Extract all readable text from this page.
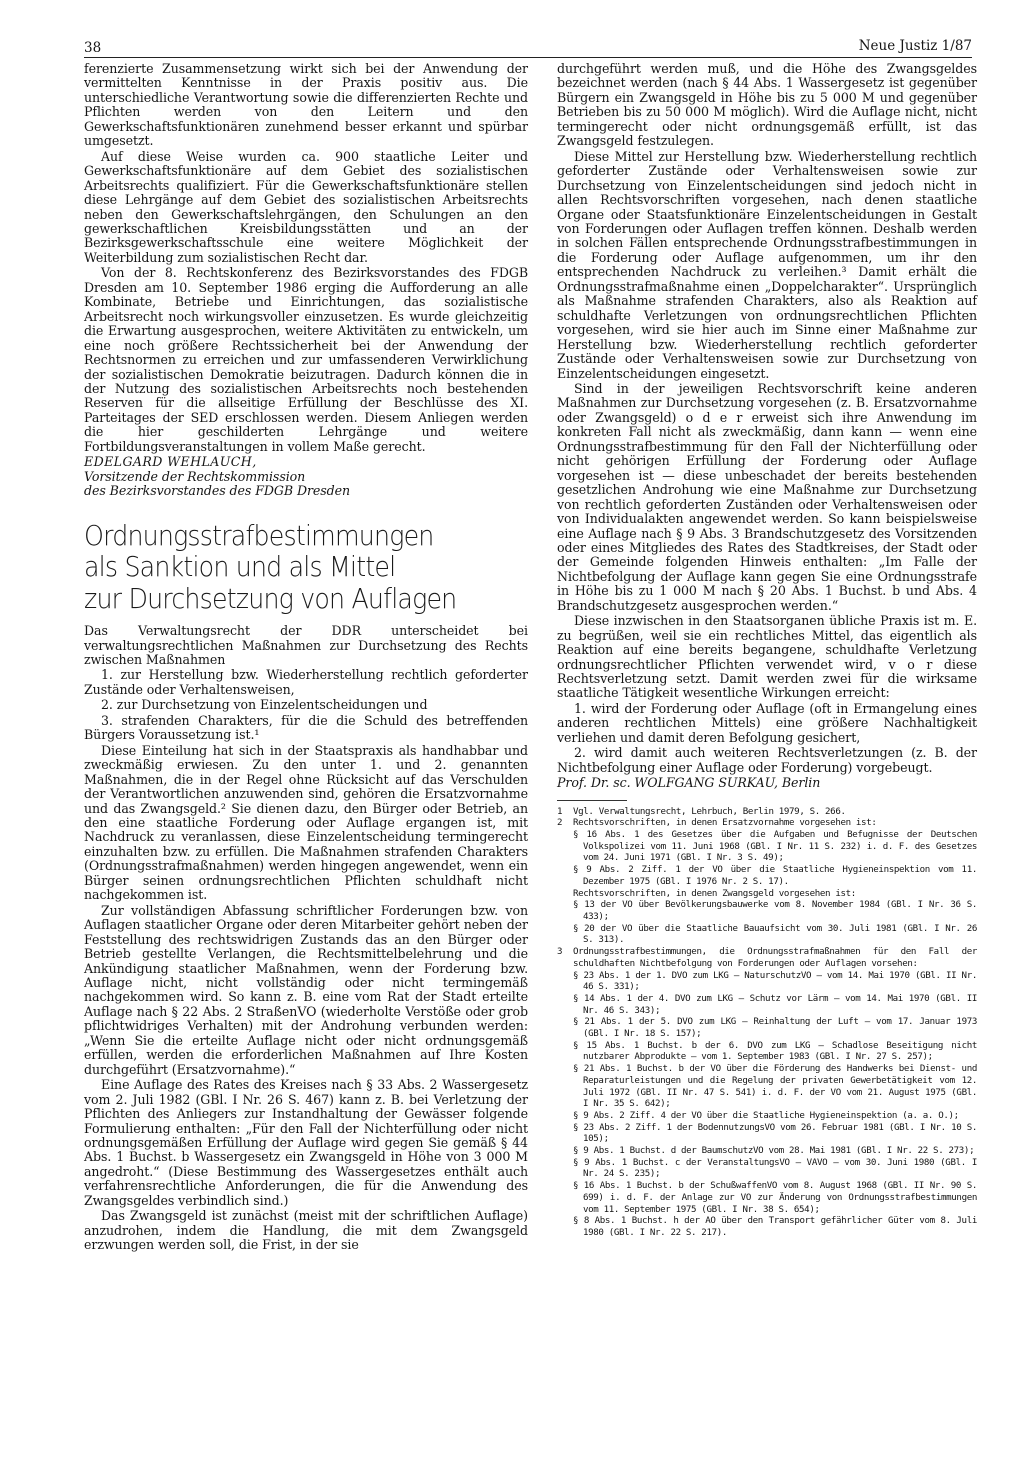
38	Neue Justiz 1/87

ferenzierte Zusammensetzung wirkt sich bei der Anwendung der vermittelten Kenntnisse in der Praxis positiv aus. Die unterschiedliche Verantwortung sowie die differenzierten Rechte und Pflichten werden von den Leitern und den Gewerkschaftsfunktionären zunehmend besser erkannt und spürbar umgesetzt.

Auf diese Weise wurden ca. 900 staatliche Leiter und Gewerkschaftsfunktionäre auf dem Gebiet des sozialistischen Arbeitsrechts qualifiziert. Für die Gewerkschaftsfunktionäre stellen diese Lehrgänge auf dem Gebiet des sozialistischen Arbeitsrechts neben den Gewerkschaftslehrgängen, den Schulungen an den gewerkschaftlichen Kreisbildungsstätten und an der Bezirksgewerkschaftsschule eine weitere Möglichkeit der Weiterbildung zum sozialistischen Recht dar.

Von der 8. Rechtskonferenz des Bezirksvorstandes des FDGB Dresden am 10. September 1986 erging die Aufforderung an alle Kombinate, Betriebe und Einrichtungen, das sozialistische Arbeitsrecht noch wirkungsvoller einzusetzen. Es wurde gleichzeitig die Erwartung ausgesprochen, weitere Aktivitäten zu entwickeln, um eine noch größere Rechtssicherheit bei der Anwendung der Rechtsnormen zu erreichen und zur umfassenderen Verwirklichung der sozialistischen Demokratie beizutragen. Dadurch können die in der Nutzung des sozialistischen Arbeitsrechts noch bestehenden Reserven für die allseitige Erfüllung der Beschlüsse des XI. Parteitages der SED erschlossen werden. Diesem Anliegen werden die hier geschilderten Lehrgänge und weitere Fortbildungsveranstaltungen in vollem Maße gerecht.

EDELGARD WEHLAUCH,
Vorsitzende der Rechtskommission
des Bezirksvorstandes des FDGB Dresden

Ordnungsstrafbestimmungen
als Sanktion und als Mittel
zur Durchsetzung von Auflagen

Das Verwaltungsrecht der DDR unterscheidet bei verwaltungsrechtlichen Maßnahmen zur Durchsetzung des Rechts zwischen Maßnahmen

1. zur Herstellung bzw. Wiederherstellung rechtlich geforderter Zustände oder Verhaltensweisen,

2. zur Durchsetzung von Einzelentscheidungen und

3. strafenden Charakters, für die die Schuld des betreffenden Bürgers Voraussetzung ist.¹

Diese Einteilung hat sich in der Staatspraxis als handhabbar und zweckmäßig erwiesen. Zu den unter 1. und 2. genannten Maßnahmen, die in der Regel ohne Rücksicht auf das Verschulden der Verantwortlichen anzuwenden sind, gehören die Ersatzvornahme und das Zwangsgeld.² Sie dienen dazu, den Bürger oder Betrieb, an den eine staatliche Forderung oder Auflage ergangen ist, mit Nachdruck zu veranlassen, diese Einzelentscheidung termingerecht einzuhalten bzw. zu erfüllen. Die Maßnahmen strafenden Charakters (Ordnungsstrafmaßnahmen) werden hingegen angewendet, wenn ein Bürger seinen ordnungsrechtlichen Pflichten schuldhaft nicht nachgekommen ist.

Zur vollständigen Abfassung schriftlicher Forderungen bzw. von Auflagen staatlicher Organe oder deren Mitarbeiter gehört neben der Feststellung des rechtswidrigen Zustands das an den Bürger oder Betrieb gestellte Verlangen, die Rechtsmittelbelehrung und die Ankündigung staatlicher Maßnahmen, wenn der Forderung bzw. Auflage nicht, nicht vollständig oder nicht termingemäß nachgekommen wird. So kann z. B. eine vom Rat der Stadt erteilte Auflage nach § 22 Abs. 2 StraßenVO (wiederholte Verstöße oder grob pflichtwidriges Verhalten) mit der Androhung verbunden werden: „Wenn Sie die erteilte Auflage nicht oder nicht ordnungsgemäß erfüllen, werden die erforderlichen Maßnahmen auf Ihre Kosten durchgeführt (Ersatzvornahme).“

Eine Auflage des Rates des Kreises nach § 33 Abs. 2 Wassergesetz vom 2. Juli 1982 (GBl. I Nr. 26 S. 467) kann z. B. bei Verletzung der Pflichten des Anliegers zur Instandhaltung der Gewässer folgende Formulierung enthalten: „Für den Fall der Nichterfüllung oder nicht ordnungsgemäßen Erfüllung der Auflage wird gegen Sie gemäß § 44 Abs. 1 Buchst. b Wassergesetz ein Zwangsgeld in Höhe von 3 000 M angedroht.“ (Diese Bestimmung des Wassergesetzes enthält auch verfahrensrechtliche Anforderungen, die für die Anwendung des Zwangsgeldes verbindlich sind.)

Das Zwangsgeld ist zunächst (meist mit der schriftlichen Auflage) anzudrohen, indem die Handlung, die mit dem Zwangsgeld erzwungen werden soll, die Frist, in der sie

durchgeführt werden muß, und die Höhe des Zwangsgeldes bezeichnet werden (nach § 44 Abs. 1 Wassergesetz ist gegenüber Bürgern ein Zwangsgeld in Höhe bis zu 5 000 M und gegenüber Betrieben bis zu 50 000 M möglich). Wird die Auflage nicht, nicht termingerecht oder nicht ordnungsgemäß erfüllt, ist das Zwangsgeld festzulegen.

Diese Mittel zur Herstellung bzw. Wiederherstellung rechtlich geforderter Zustände oder Verhaltensweisen sowie zur Durchsetzung von Einzelentscheidungen sind jedoch nicht in allen Rechtsvorschriften vorgesehen, nach denen staatliche Organe oder Staatsfunktionäre Einzelentscheidungen in Gestalt von Forderungen oder Auflagen treffen können. Deshalb werden in solchen Fällen entsprechende Ordnungsstrafbestimmungen in die Forderung oder Auflage aufgenommen, um ihr den entsprechenden Nachdruck zu verleihen.³ Damit erhält die Ordnungsstrafmaßnahme einen „Doppelcharakter“. Ursprünglich als Maßnahme strafenden Charakters, also als Reaktion auf schuldhafte Verletzungen von ordnungsrechtlichen Pflichten vorgesehen, wird sie hier auch im Sinne einer Maßnahme zur Herstellung bzw. Wiederherstellung rechtlich geforderter Zustände oder Verhaltensweisen sowie zur Durchsetzung von Einzelentscheidungen eingesetzt.

Sind in der jeweiligen Rechtsvorschrift keine anderen Maßnahmen zur Durchsetzung vorgesehen (z. B. Ersatzvornahme oder Zwangsgeld) o d e r erweist sich ihre Anwendung im konkreten Fall nicht als zweckmäßig, dann kann — wenn eine Ordnungsstrafbestimmung für den Fall der Nichterfüllung oder nicht gehörigen Erfüllung der Forderung oder Auflage vorgesehen ist — diese unbeschadet der bereits bestehenden gesetzlichen Androhung wie eine Maßnahme zur Durchsetzung von rechtlich geforderten Zuständen oder Verhaltensweisen oder von Individualakten angewendet werden. So kann beispielsweise eine Auflage nach § 9 Abs. 3 Brandschutzgesetz des Vorsitzenden oder eines Mitgliedes des Rates des Stadtkreises, der Stadt oder der Gemeinde folgenden Hinweis enthalten: „Im Falle der Nichtbefolgung der Auflage kann gegen Sie eine Ordnungsstrafe in Höhe bis zu 1 000 M nach § 20 Abs. 1 Buchst. b und Abs. 4 Brandschutzgesetz ausgesprochen werden.“

Diese inzwischen in den Staatsorganen übliche Praxis ist m. E. zu begrüßen, weil sie ein rechtliches Mittel, das eigentlich als Reaktion auf eine bereits begangene, schuldhafte Verletzung ordnungsrechtlicher Pflichten verwendet wird, v o r diese Rechtsverletzung setzt. Damit werden zwei für die wirksame staatliche Tätigkeit wesentliche Wirkungen erreicht:

1. wird der Forderung oder Auflage (oft in Ermangelung eines anderen rechtlichen Mittels) eine größere Nachhaltigkeit verliehen und damit deren Befolgung gesichert,

2. wird damit auch weiteren Rechtsverletzungen (z. B. der Nichtbefolgung einer Auflage oder Forderung) vorgebeugt.

Prof. Dr. sc. WOLFGANG SURKAU, Berlin

1	Vgl. Verwaltungsrecht, Lehrbuch, Berlin 1979, S. 266.
2	Rechtsvorschriften, in denen Ersatzvornahme vorgesehen ist:
§ 16 Abs. 1 des Gesetzes über die Aufgaben und Befugnisse der Deutschen Volkspolizei vom 11. Juni 1968 (GBl. I Nr. 11 S. 232) i. d. F. des Gesetzes vom 24. Juni 1971 (GBl. I Nr. 3 S. 49);
§ 9 Abs. 2 Ziff. 1 der VO über die Staatliche Hygieneinspektion vom 11. Dezember 1975 (GBl. I 1976 Nr. 2 S. 17).
Rechtsvorschriften, in denen Zwangsgeld vorgesehen ist:
§ 13 der VO über Bevölkerungsbauwerke vom 8. November 1984 (GBl. I Nr. 36 S. 433);
§ 20 der VO über die Staatliche Bauaufsicht vom 30. Juli 1981 (GBl. I Nr. 26 S. 313).
3	Ordnungsstrafbestimmungen, die Ordnungsstrafmaßnahmen für den Fall der schuldhaften Nichtbefolgung von Forderungen oder Auflagen vorsehen:
§ 23 Abs. 1 der 1. DVO zum LKG — NaturschutzVO — vom 14. Mai 1970 (GBl. II Nr. 46 S. 331);
§ 14 Abs. 1 der 4. DVO zum LKG — Schutz vor Lärm — vom 14. Mai 1970 (GBl. II Nr. 46 S. 343);
§ 21 Abs. 1 der 5. DVO zum LKG — Reinhaltung der Luft — vom 17. Januar 1973 (GBl. I Nr. 18 S. 157);
§ 15 Abs. 1 Buchst. b der 6. DVO zum LKG — Schadlose Beseitigung nicht nutzbarer Abprodukte — vom 1. September 1983 (GBl. I Nr. 27 S. 257);
§ 21 Abs. 1 Buchst. b der VO über die Förderung des Handwerks bei Dienst- und Reparaturleistungen und die Regelung der privaten Gewerbetätigkeit vom 12. Juli 1972 (GBl. II Nr. 47 S. 541) i. d. F. der VO vom 21. August 1975 (GBl. I Nr. 35 S. 642);
§ 9 Abs. 2 Ziff. 4 der VO über die Staatliche Hygieneinspektion (a. a. O.);
§ 23 Abs. 2 Ziff. 1 der BodennutzungsVO vom 26. Februar 1981 (GBl. I Nr. 10 S. 105);
§ 9 Abs. 1 Buchst. d der BaumschutzVO vom 28. Mai 1981 (GBl. I Nr. 22 S. 273);
§ 9 Abs. 1 Buchst. c der VeranstaltungsVO — VAVO — vom 30. Juni 1980 (GBl. I Nr. 24 S. 235);
§ 16 Abs. 1 Buchst. b der SchußwaffenVO vom 8. August 1968 (GBl. II Nr. 90 S. 699) i. d. F. der Anlage zur VO zur Änderung von Ordnungsstrafbestimmungen vom 11. September 1975 (GBl. I Nr. 38 S. 654);
§ 8 Abs. 1 Buchst. h der AO über den Transport gefährlicher Güter vom 8. Juli 1980 (GBl. I Nr. 22 S. 217).
